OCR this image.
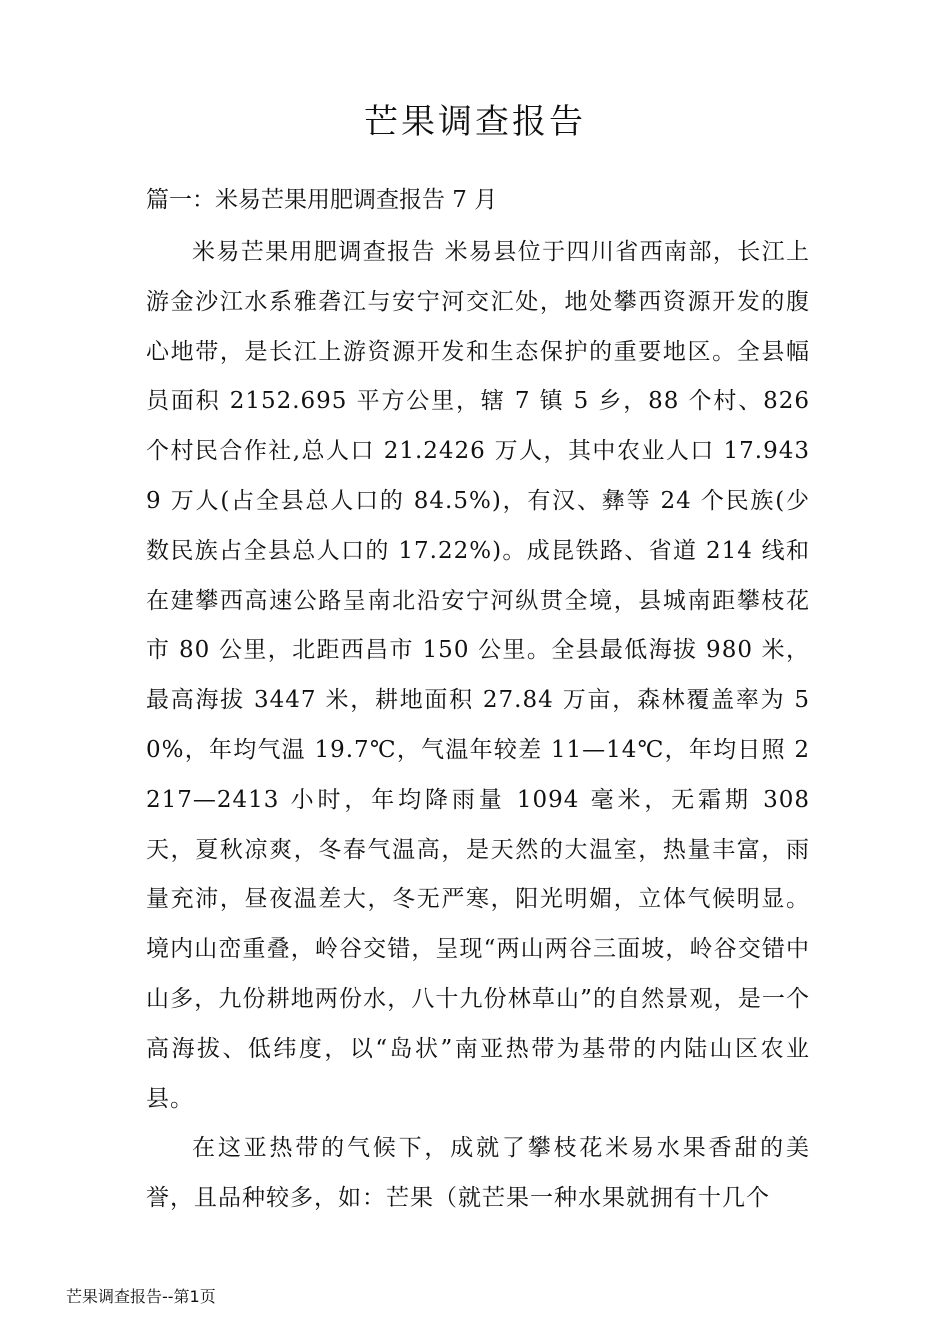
芒果调查报告
篇一：米易芒果用肥调查报告 7 月

米易芒果用肥调查报告 米易县位于四川省西南部，长江上游金沙江水系雅砻江与安宁河交汇处，地处攀西资源开发的腹心地带，是长江上游资源开发和生态保护的重要地区。全县幅员面积 2152.695 平方公里，辖 7 镇 5 乡，88 个村、826 个村民合作社,总人口 21.2426 万人，其中农业人口 17.9439 万人(占全县总人口的 84.5%)，有汉、彝等 24 个民族(少数民族占全县总人口的 17.22%)。成昆铁路、省道 214 线和在建攀西高速公路呈南北沿安宁河纵贯全境，县城南距攀枝花市 80 公里，北距西昌市 150 公里。全县最低海拔 980 米，最高海拔 3447 米，耕地面积 27.84 万亩，森林覆盖率为 50%，年均气温 19.7℃，气温年较差 11—14℃，年均日照 2217—2413 小时，年均降雨量 1094 毫米，无霜期 308 天，夏秋凉爽，冬春气温高，是天然的大温室，热量丰富，雨量充沛，昼夜温差大，冬无严寒，阳光明媚，立体气候明显。境内山峦重叠，岭谷交错，呈现“两山两谷三面坡，岭谷交错中山多，九份耕地两份水，八十九份林草山”的自然景观，是一个高海拔、低纬度，以“岛状”南亚热带为基带的内陆山区农业县。

在这亚热带的气候下，成就了攀枝花米易水果香甜的美誉，且品种较多，如：芒果（就芒果一种水果就拥有十几个

芒果调查报告--第1页
